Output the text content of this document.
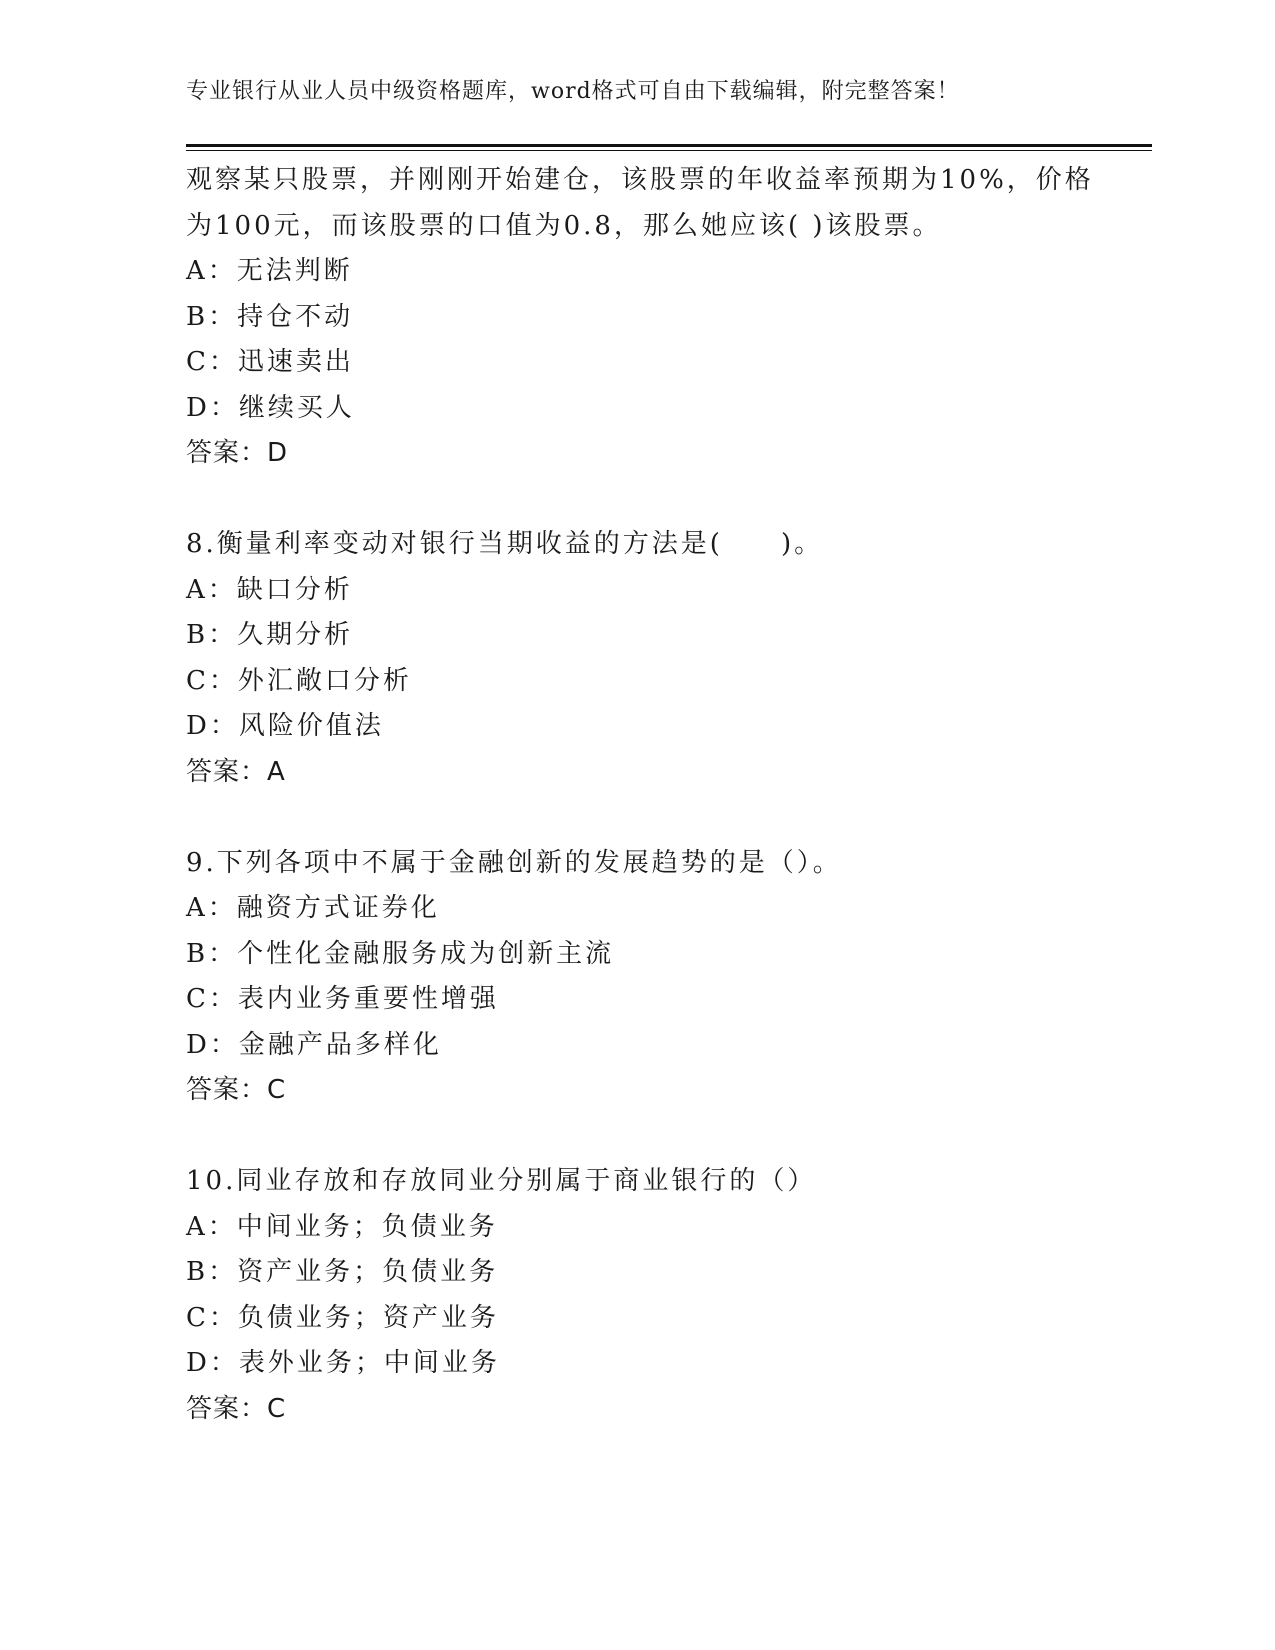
专业银行从业人员中级资格题库，word格式可自由下载编辑，附完整答案！
观察某只股票，并刚刚开始建仓，该股票的年收益率预期为10%，价格
为100元，而该股票的口值为0.8，那么她应该( )该股票。
A：无法判断
B：持仓不动
C：迅速卖出
D：继续买人
答案：D
8.衡量利率变动对银行当期收益的方法是(　　)。
A：缺口分析
B：久期分析
C：外汇敞口分析
D：风险价值法
答案：A
9.下列各项中不属于金融创新的发展趋势的是（）。
A：融资方式证券化
B：个性化金融服务成为创新主流
C：表内业务重要性增强
D：金融产品多样化
答案：C
10.同业存放和存放同业分别属于商业银行的（）
A：中间业务；负债业务
B：资产业务；负债业务
C：负债业务；资产业务
D：表外业务；中间业务
答案：C
